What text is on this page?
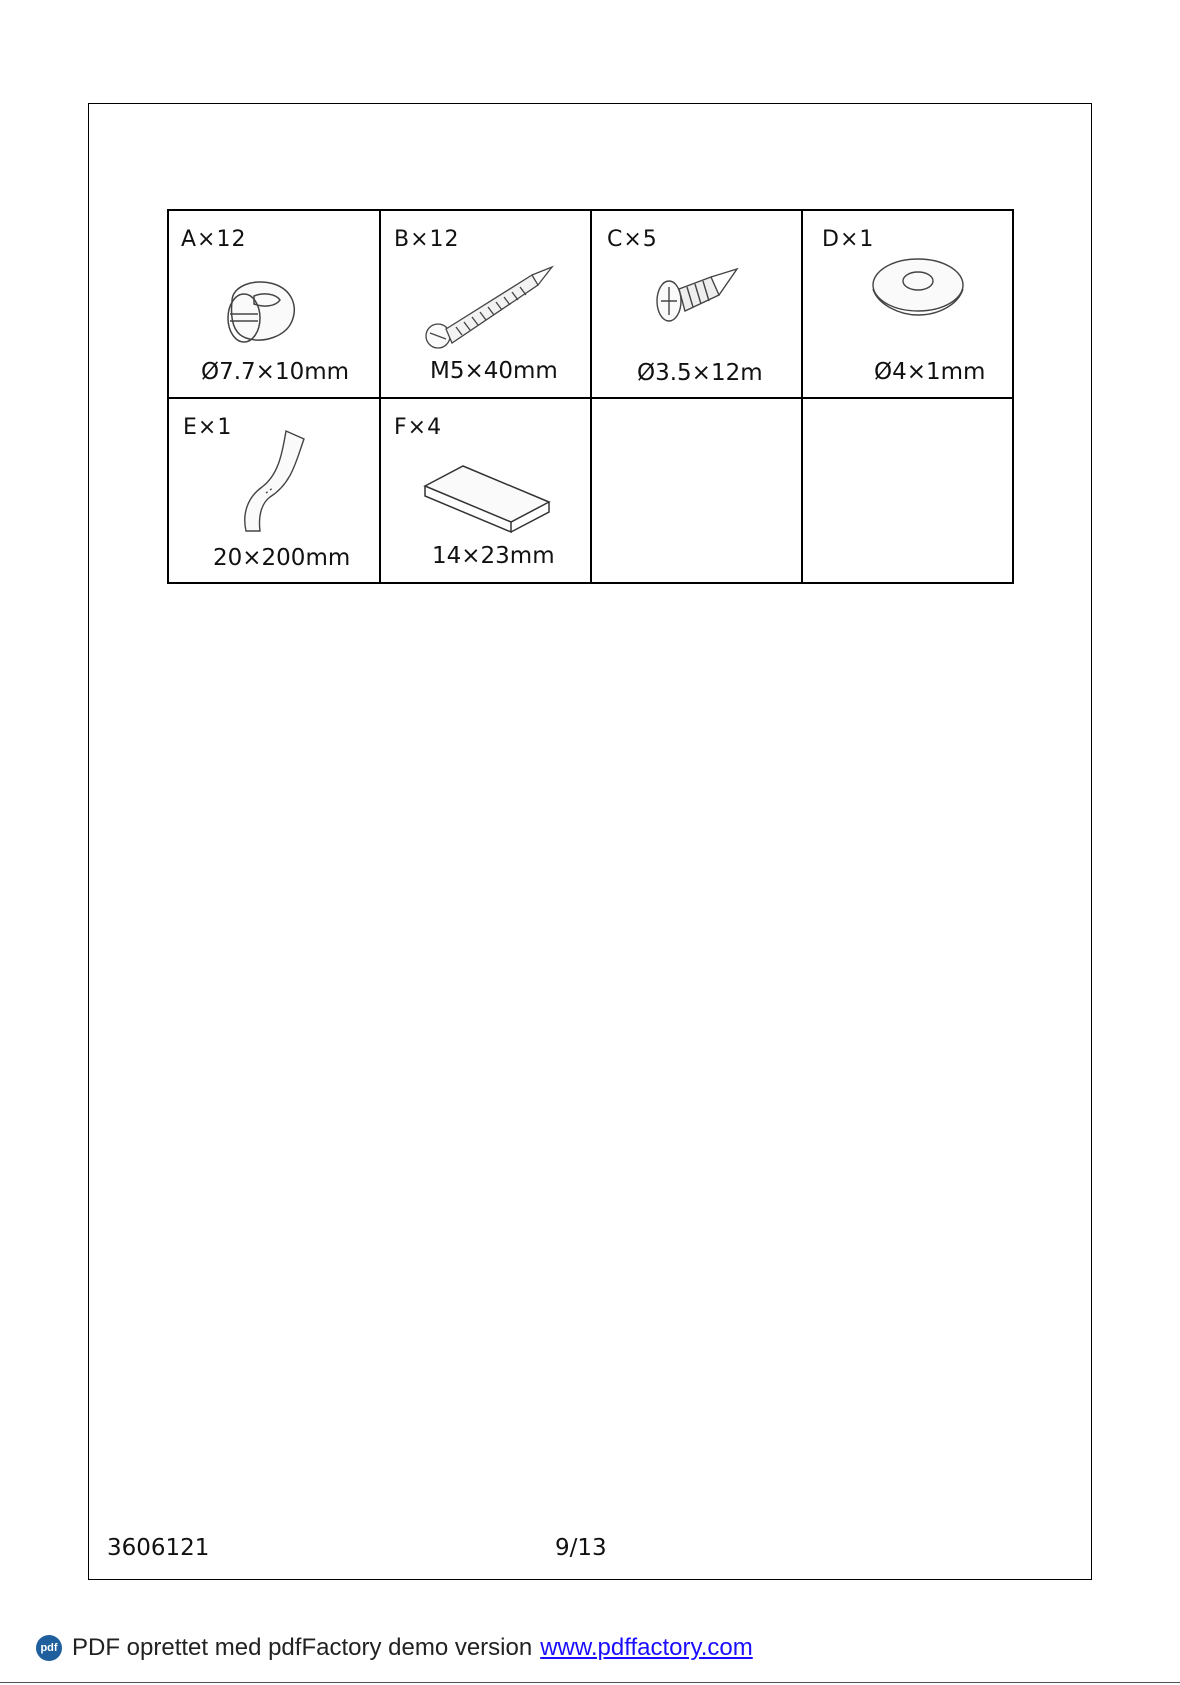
A×12
Ø7.7×10mm
B×12
M5×40mm
C×5
Ø3.5×12m
D×1
Ø4×1mm
E×1
20×200mm
F×4
14×23mm
3606121	9/13
pdf PDF oprettet med pdfFactory demo version www.pdffactory.com
